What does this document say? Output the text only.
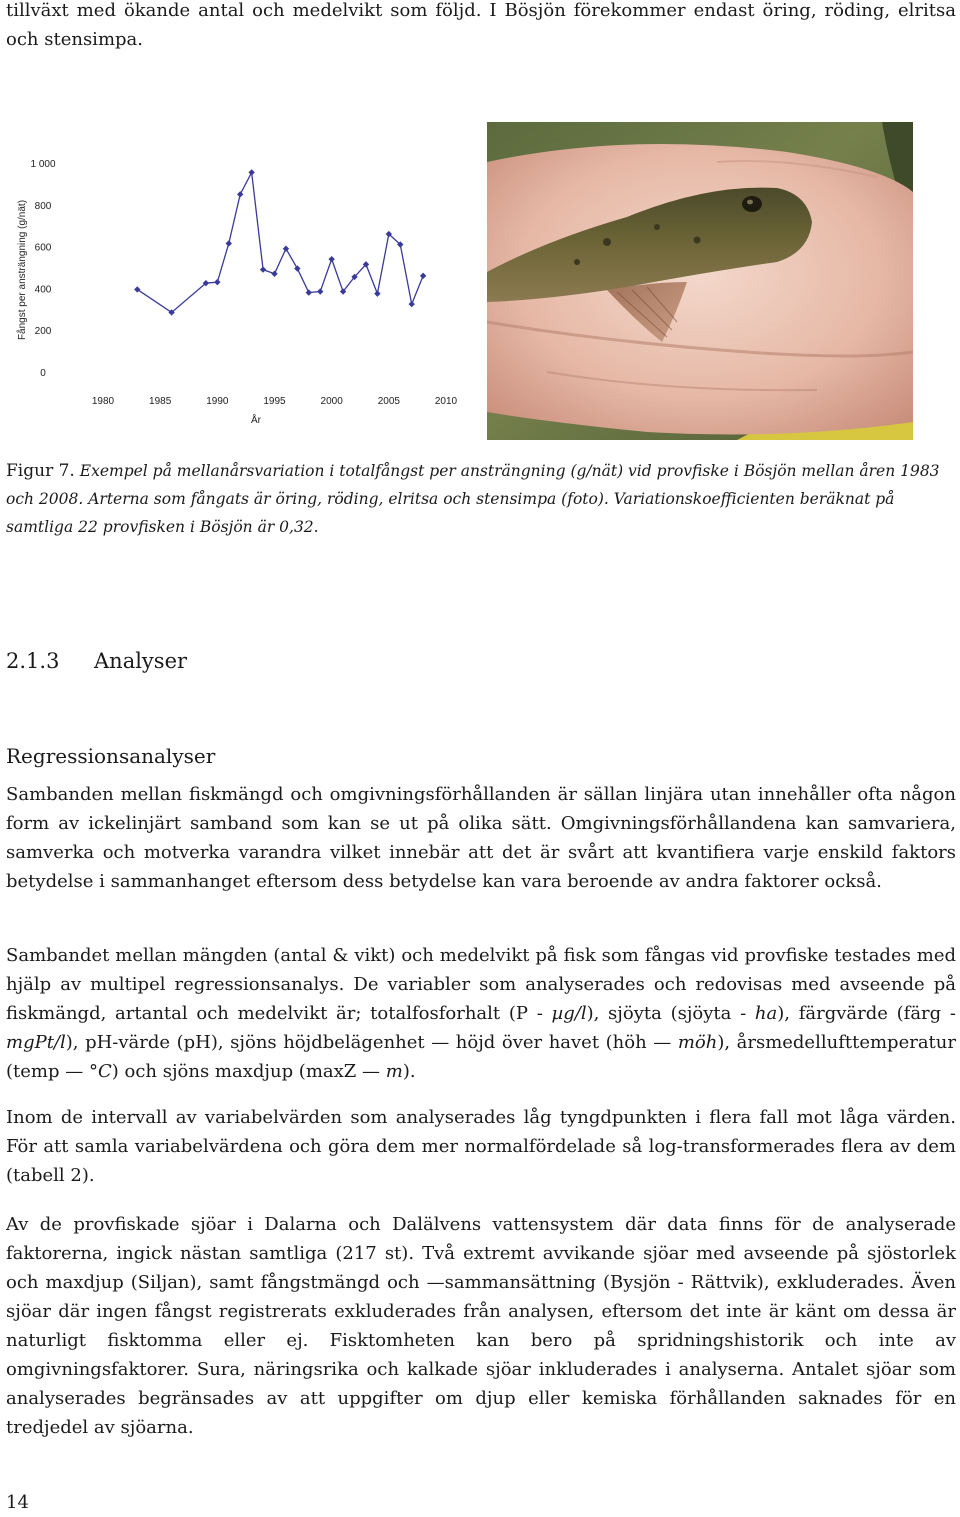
tillväxt med ökande antal och medelvikt som följd. I Bösjön förekommer endast öring, röding, elritsa och stensimpa.

0
200
400
600
800
1 000
1980	1985	1990	1995	2000	2005	2010
Fångst per ansträngning (g/nät)
År

Figur 7. Exempel på mellanårsvariation i totalfångst per ansträngning (g/nät) vid provfiske i Bösjön mellan åren 1983 och 2008. Arterna som fångats är öring, röding, elritsa och stensimpa (foto). Variationskoefficienten beräknat på samtliga 22 provfisken i Bösjön är 0,32.

2.1.3 Analyser
Regressionsanalyser

Sambanden mellan fiskmängd och omgivningsförhållanden är sällan linjära utan innehåller ofta någon form av ickelinjärt samband som kan se ut på olika sätt. Omgivningsförhållandena kan samvariera, samverka och motverka varandra vilket innebär att det är svårt att kvantifiera varje enskild faktors betydelse i sammanhanget eftersom dess betydelse kan vara beroende av andra faktorer också.

Sambandet mellan mängden (antal & vikt) och medelvikt på fisk som fångas vid provfiske testades med hjälp av multipel regressionsanalys. De variabler som analyserades och redovisas med avseende på fiskmängd, artantal och medelvikt är; totalfosforhalt (P - µg/l), sjöyta (sjöyta - ha), färgvärde (färg - mgPt/l), pH-värde (pH), sjöns höjdbelägenhet — höjd över havet (höh — möh), årsmedellufttemperatur (temp — °C) och sjöns maxdjup (maxZ — m).

Inom de intervall av variabelvärden som analyserades låg tyngdpunkten i flera fall mot låga värden. För att samla variabelvärdena och göra dem mer normalfördelade så log-transformerades flera av dem (tabell 2).

Av de provfiskade sjöar i Dalarna och Dalälvens vattensystem där data finns för de analyserade faktorerna, ingick nästan samtliga (217 st). Två extremt avvikande sjöar med avseende på sjöstorlek och maxdjup (Siljan), samt fångstmängd och —sammansättning (Bysjön - Rättvik), exkluderades. Även sjöar där ingen fångst registrerats exkluderades från analysen, eftersom det inte är känt om dessa är naturligt fisktomma eller ej. Fisktomheten kan bero på spridningshistorik och inte av omgivningsfaktorer. Sura, näringsrika och kalkade sjöar inkluderades i analyserna. Antalet sjöar som analyserades begränsades av att uppgifter om djup eller kemiska förhållanden saknades för en tredjedel av sjöarna.

14
